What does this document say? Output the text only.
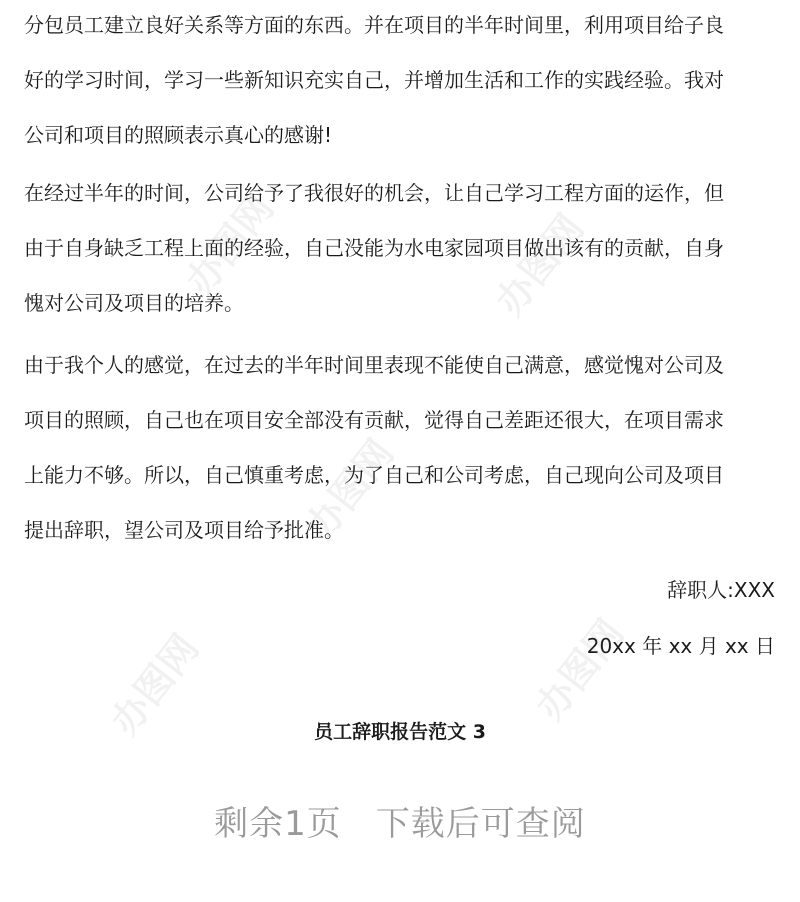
分包员工建立良好关系等方面的东西。并在项目的半年时间里，利用项目给子良
好的学习时间，学习一些新知识充实自己，并增加生活和工作的实践经验。我对
公司和项目的照顾表示真心的感谢!

在经过半年的时间，公司给予了我很好的机会，让自己学习工程方面的运作，但
由于自身缺乏工程上面的经验，自己没能为水电家园项目做出该有的贡献，自身
愧对公司及项目的培养。

由于我个人的感觉，在过去的半年时间里表现不能使自己满意，感觉愧对公司及
项目的照顾，自己也在项目安全部没有贡献，觉得自己差距还很大，在项目需求
上能力不够。所以，自己慎重考虑，为了自己和公司考虑，自己现向公司及项目
提出辞职，望公司及项目给予批准。

辞职人:XXX
20xx 年 xx 月 xx 日
员工辞职报告范文 3
剩余1页 下载后可查阅
办图网	办图网
办图网
办图网
办图网
